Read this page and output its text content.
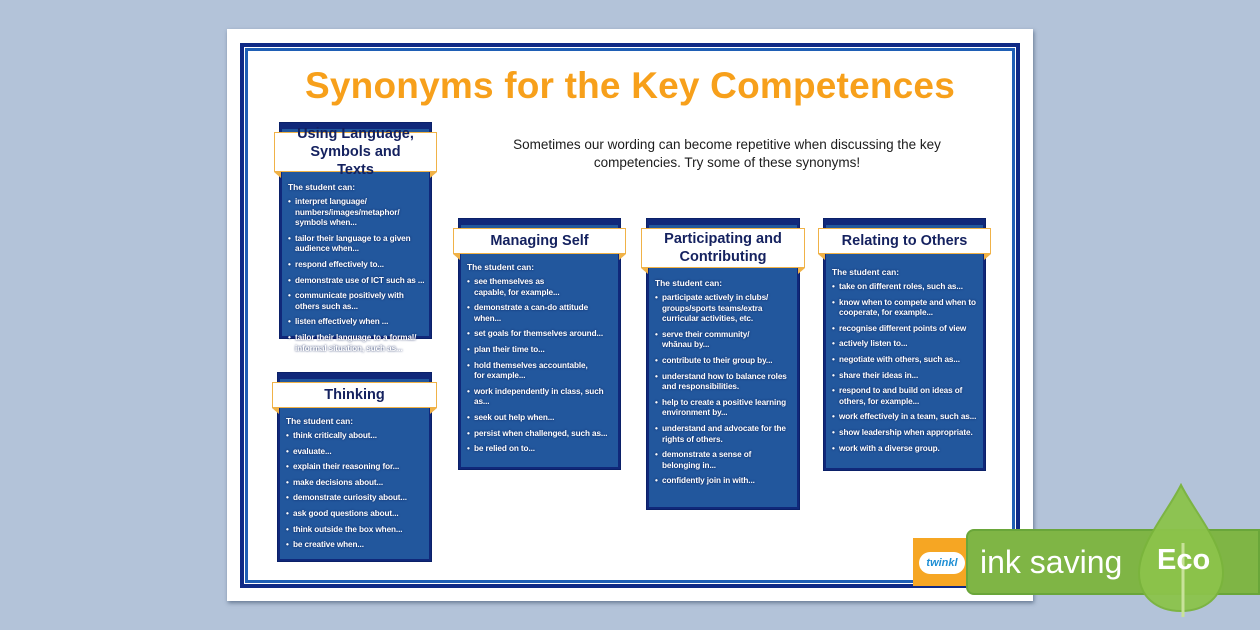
Synonyms for the Key Competences
Sometimes our wording can become repetitive when discussing the key competencies. Try some of these synonyms!
Using Language, Symbols and Texts
The student can:
• interpret language/ numbers/images/metaphor/ symbols when...
• tailor their language to a given audience when...
• respond effectively to...
• demonstrate use of ICT such as ...
• communicate positively with others such as...
• listen effectively when ...
• tailor their language to a formal/ informal situation, such as...
Thinking
The student can:
• think critically about...
• evaluate...
• explain their reasoning for...
• make decisions about...
• demonstrate curiosity about...
• ask good questions about...
• think outside the box when...
• be creative when...
Managing Self
The student can:
• see themselves as capable, for example...
• demonstrate a can-do attitude when...
• set goals for themselves around...
• plan their time to...
• hold themselves accountable, for example...
• work independently in class, such as...
• seek out help when...
• persist when challenged, such as...
• be relied on to...
Participating and Contributing
The student can:
• participate actively in clubs/ groups/sports teams/extra curricular activities, etc.
• serve their community/ whānau by...
• contribute to their group by...
• understand how to balance roles and responsibilities.
• help to create a positive learning environment by...
• understand and advocate for the rights of others.
• demonstrate a sense of belonging in...
• confidently join in with...
Relating to Others
The student can:
• take on different roles, such as...
• know when to compete and when to cooperate, for example...
• recognise different points of view
• actively listen to...
• negotiate with others, such as...
• share their ideas in...
• respond to and build on ideas of others, for example...
• work effectively in a team, such as...
• show leadership when appropriate.
• work with a diverse group.
twinkl ink saving Eco
